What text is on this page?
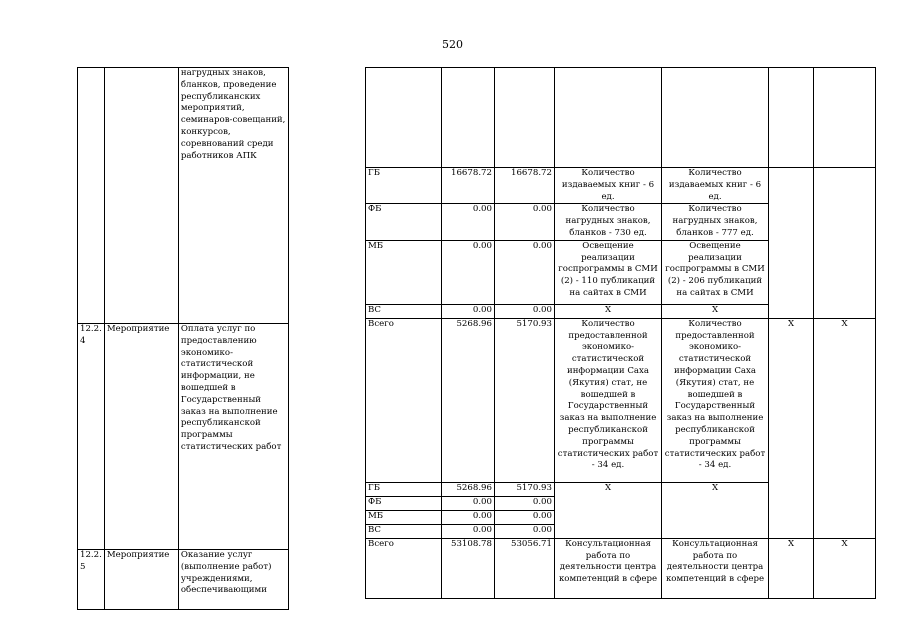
520
		нагрудных знаков, бланков, проведение республиканских мероприятий, семинаров-совещаний, конкурсов, соревнований среди работников АПК
12.2. 4	Мероприятие	Оплата услуг по предоставлению экономико-статистической информации, не вошедшей в Государственный заказ на выполнение республиканской программы статистических работ
12.2. 5	Мероприятие	Оказание услуг (выполнение работ) учреждениями, обеспечивающими

ГБ	16678.72	16678.72	Количество издаваемых книг - 6 ед.	Количество издаваемых книг - 6 ед.		
ФБ	0.00	0.00	Количество нагрудных знаков, бланков - 730 ед.	Количество нагрудных знаков, бланков - 777 ед.		
МБ	0.00	0.00	Освещение реализации госпрограммы в СМИ (2) - 110 публикаций на сайтах в СМИ	Освещение реализации госпрограммы в СМИ (2) - 206 публикаций на сайтах в СМИ		
ВС	0.00	0.00	X	X		
Всего	5268.96	5170.93	Количество предоставленной экономико-статистической информации Саха (Якутия) стат, не вошедшей в Государственный заказ на выполнение республиканской программы статистических работ - 34 ед.	Количество предоставленной экономико-статистической информации Саха (Якутия) стат, не вошедшей в Государственный заказ на выполнение республиканской программы статистических работ - 34 ед.	X	X
ГБ	5268.96	5170.93	X	X		
ФБ	0.00	0.00				
МБ	0.00	0.00				
ВС	0.00	0.00				
Всего	53108.78	53056.71	Консультационная работа по деятельности центра компетенций в сфере	Консультационная работа по деятельности центра компетенций в сфере	X	X
